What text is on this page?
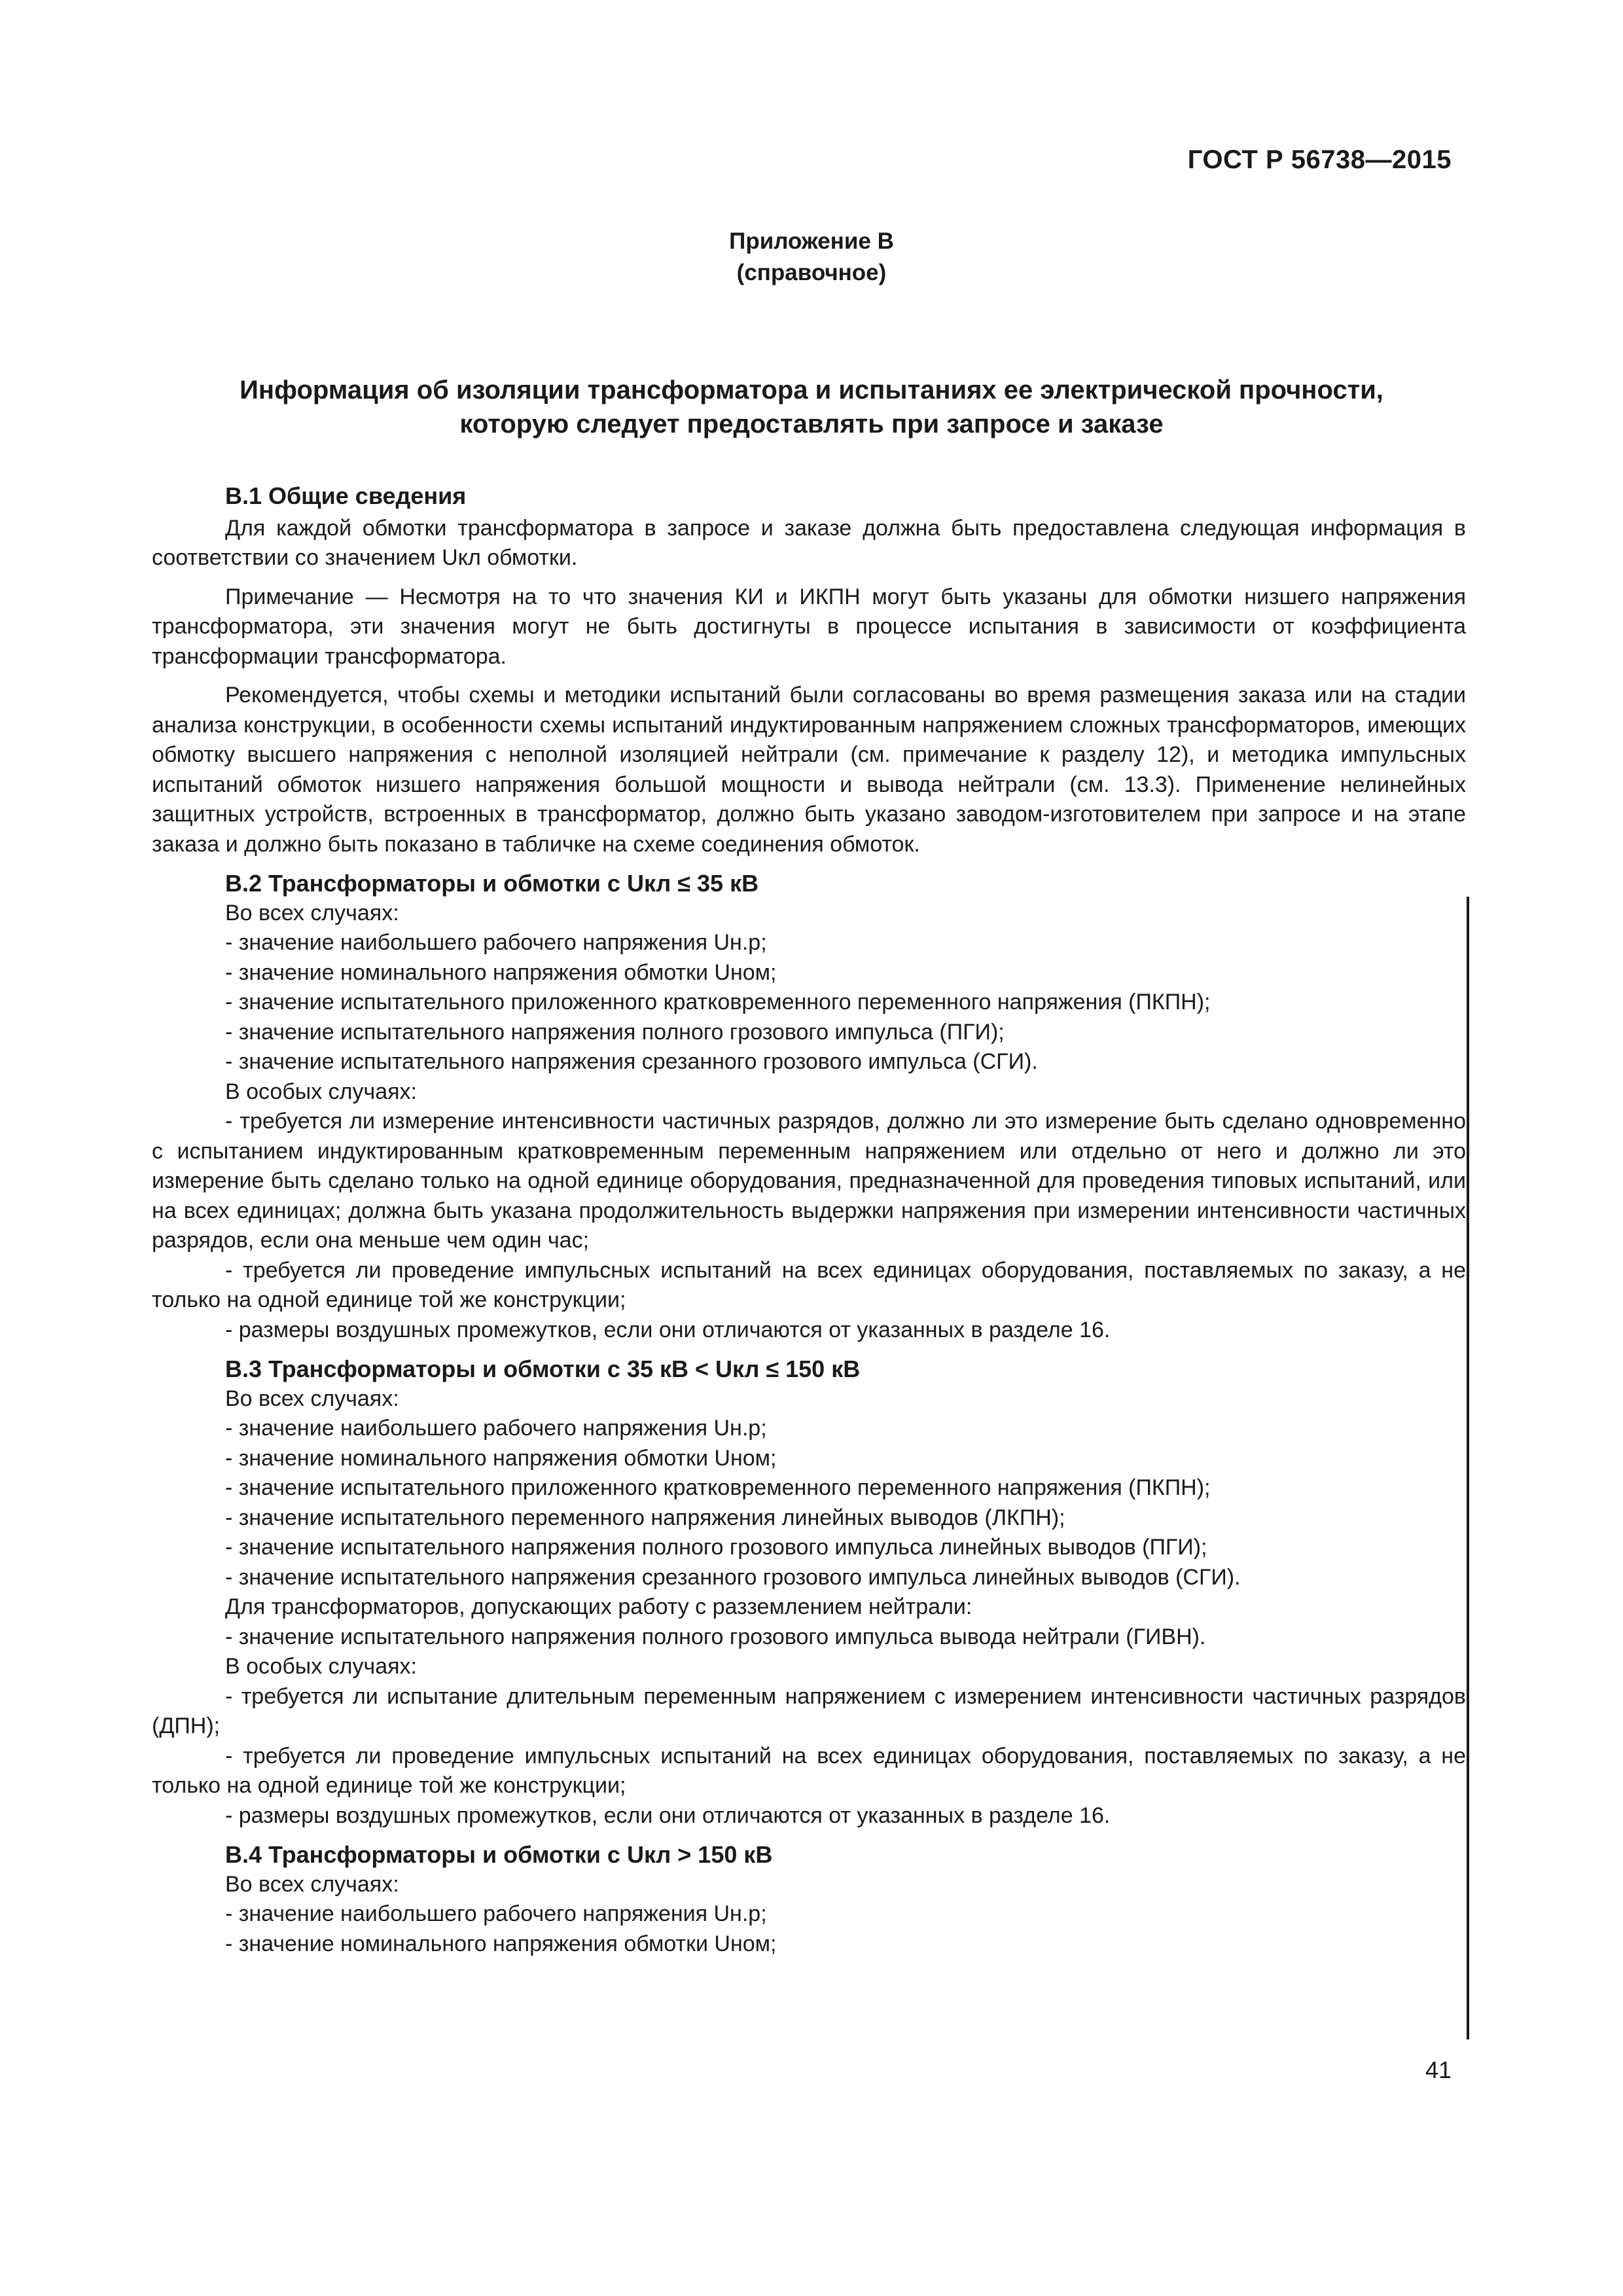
ГОСТ Р 56738—2015
Приложение В
(справочное)
Информация об изоляции трансформатора и испытаниях ее электрической прочности,
которую следует предоставлять при запросе и заказе
В.1 Общие сведения
Для каждой обмотки трансформатора в запросе и заказе должна быть предоставлена следующая информация в соответствии со значением Uкл обмотки.
Примечание — Несмотря на то что значения КИ и ИКПН могут быть указаны для обмотки низшего напряжения трансформатора, эти значения могут не быть достигнуты в процессе испытания в зависимости от коэффициента трансформации трансформатора.
Рекомендуется, чтобы схемы и методики испытаний были согласованы во время размещения заказа или на стадии анализа конструкции, в особенности схемы испытаний индуктированным напряжением сложных трансформаторов, имеющих обмотку высшего напряжения с неполной изоляцией нейтрали (см. примечание к разделу 12), и методика импульсных испытаний обмоток низшего напряжения большой мощности и вывода нейтрали (см. 13.3). Применение нелинейных защитных устройств, встроенных в трансформатор, должно быть указано заводом-изготовителем при запросе и на этапе заказа и должно быть показано в табличке на схеме соединения обмоток.
В.2 Трансформаторы и обмотки с Uкл ≤ 35 кВ
Во всех случаях:
- значение наибольшего рабочего напряжения Uн.р;
- значение номинального напряжения обмотки Uном;
- значение испытательного приложенного кратковременного переменного напряжения (ПКПН);
- значение испытательного напряжения полного грозового импульса (ПГИ);
- значение испытательного напряжения срезанного грозового импульса (СГИ).
В особых случаях:
- требуется ли измерение интенсивности частичных разрядов, должно ли это измерение быть сделано одновременно с испытанием индуктированным кратковременным переменным напряжением или отдельно от него и должно ли это измерение быть сделано только на одной единице оборудования, предназначенной для проведения типовых испытаний, или на всех единицах; должна быть указана продолжительность выдержки напряжения при измерении интенсивности частичных разрядов, если она меньше чем один час;
- требуется ли проведение импульсных испытаний на всех единицах оборудования, поставляемых по заказу, а не только на одной единице той же конструкции;
- размеры воздушных промежутков, если они отличаются от указанных в разделе 16.
В.3 Трансформаторы и обмотки с 35 кВ < Uкл ≤ 150 кВ
Во всех случаях:
- значение наибольшего рабочего напряжения Uн.р;
- значение номинального напряжения обмотки Uном;
- значение испытательного приложенного кратковременного переменного напряжения (ПКПН);
- значение испытательного переменного напряжения линейных выводов (ЛКПН);
- значение испытательного напряжения полного грозового импульса линейных выводов (ПГИ);
- значение испытательного напряжения срезанного грозового импульса линейных выводов (СГИ).
Для трансформаторов, допускающих работу с разземлением нейтрали:
- значение испытательного напряжения полного грозового импульса вывода нейтрали (ГИВН).
В особых случаях:
- требуется ли испытание длительным переменным напряжением с измерением интенсивности частичных разрядов (ДПН);
- требуется ли проведение импульсных испытаний на всех единицах оборудования, поставляемых по заказу, а не только на одной единице той же конструкции;
- размеры воздушных промежутков, если они отличаются от указанных в разделе 16.
В.4 Трансформаторы и обмотки с Uкл > 150 кВ
Во всех случаях:
- значение наибольшего рабочего напряжения Uн.р;
- значение номинального напряжения обмотки Uном;
41
